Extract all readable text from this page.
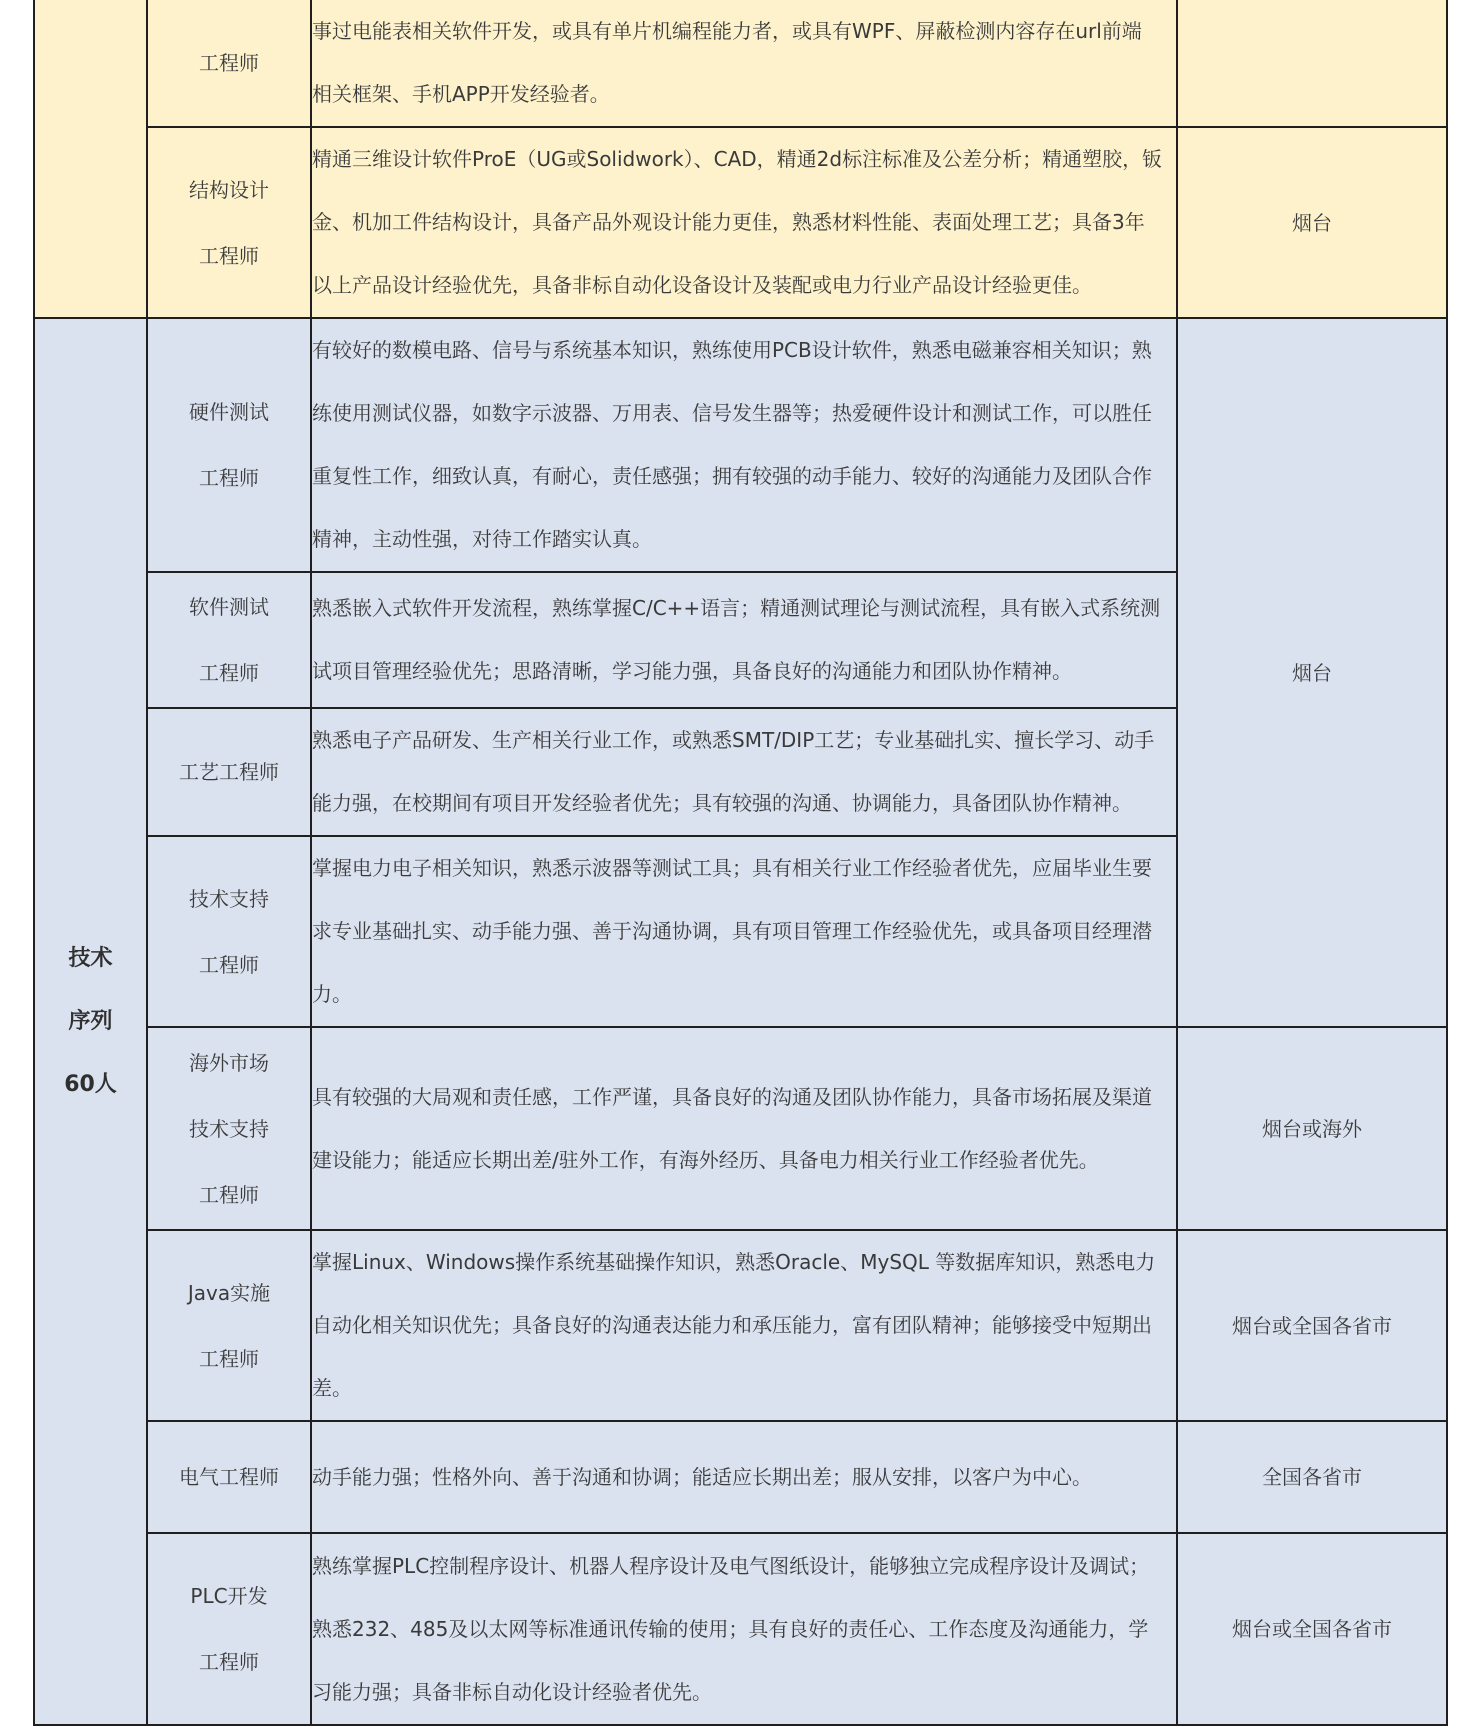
	工程师	事过电能表相关软件开发，或具有单片机编程能力者，或具有WPF、屏蔽检测内容存在url前端
相关框架、手机APP开发经验者。	

	结构设计
工程师	精通三维设计软件ProE（UG或Solidwork）、CAD，精通2d标注标准及公差分析；精通塑胶，钣
金、机加工件结构设计，具备产品外观设计能力更佳，熟悉材料性能、表面处理工艺；具备3年
以上产品设计经验优先，具备非标自动化设备设计及装配或电力行业产品设计经验更佳。	烟台

技术
序列
60人	硬件测试
工程师	有较好的数模电路、信号与系统基本知识，熟练使用PCB设计软件，熟悉电磁兼容相关知识；熟
练使用测试仪器，如数字示波器、万用表、信号发生器等；热爱硬件设计和测试工作，可以胜任
重复性工作，细致认真，有耐心，责任感强；拥有较强的动手能力、较好的沟通能力及团队合作
精神，主动性强，对待工作踏实认真。	烟台

	软件测试
工程师	熟悉嵌入式软件开发流程，熟练掌握C/C++语言；精通测试理论与测试流程，具有嵌入式系统测
试项目管理经验优先；思路清晰，学习能力强，具备良好的沟通能力和团队协作精神。	

	工艺工程师	熟悉电子产品研发、生产相关行业工作，或熟悉SMT/DIP工艺；专业基础扎实、擅长学习、动手
能力强，在校期间有项目开发经验者优先；具有较强的沟通、协调能力，具备团队协作精神。	

	技术支持
工程师	掌握电力电子相关知识，熟悉示波器等测试工具；具有相关行业工作经验者优先，应届毕业生要
求专业基础扎实、动手能力强、善于沟通协调，具有项目管理工作经验优先，或具备项目经理潜
力。	

	海外市场
技术支持
工程师	具有较强的大局观和责任感，工作严谨，具备良好的沟通及团队协作能力，具备市场拓展及渠道
建设能力；能适应长期出差/驻外工作，有海外经历、具备电力相关行业工作经验者优先。	烟台或海外

	Java实施
工程师	掌握Linux、Windows操作系统基础操作知识，熟悉Oracle、MySQL 等数据库知识，熟悉电力
自动化相关知识优先；具备良好的沟通表达能力和承压能力，富有团队精神；能够接受中短期出
差。	烟台或全国各省市

	电气工程师	动手能力强；性格外向、善于沟通和协调；能适应长期出差；服从安排，以客户为中心。	全国各省市

	PLC开发
工程师	熟练掌握PLC控制程序设计、机器人程序设计及电气图纸设计，能够独立完成程序设计及调试；
熟悉232、485及以太网等标准通讯传输的使用；具有良好的责任心、工作态度及沟通能力，学
习能力强；具备非标自动化设计经验者优先。	烟台或全国各省市
